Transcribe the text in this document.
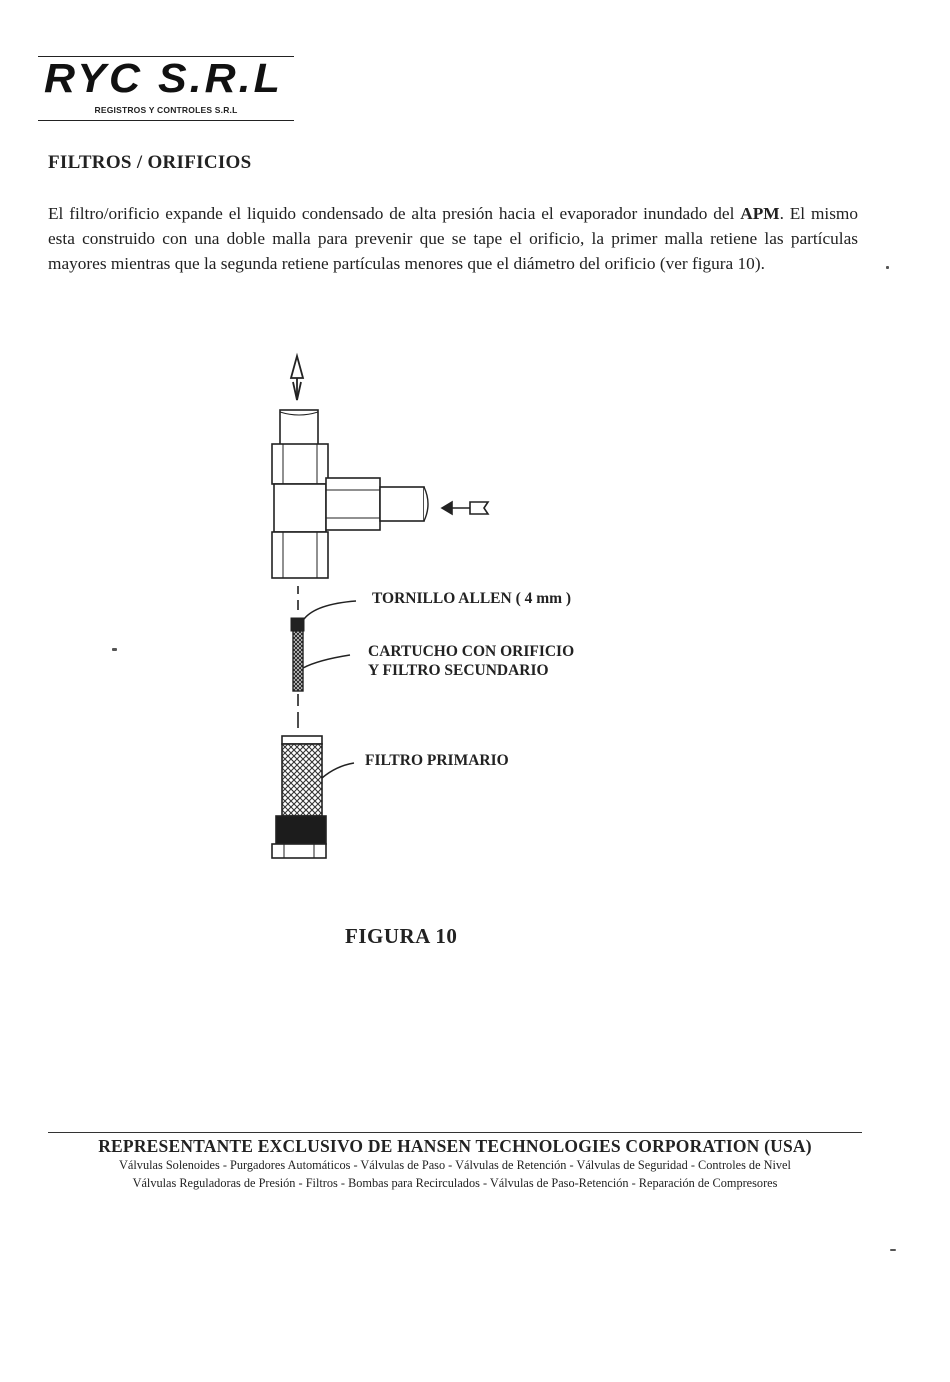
RYC S.R.L
REGISTROS Y CONTROLES S.R.L
FILTROS / ORIFICIOS
El filtro/orificio expande el liquido condensado de alta presión hacia el evaporador inundado del APM. El mismo esta construido con una doble malla para prevenir que se tape el orificio, la primer malla retiene las partículas mayores mientras que la segunda retiene partículas menores que el diámetro del orificio (ver figura 10).
TORNILLO ALLEN ( 4 mm )
CARTUCHO CON ORIFICIO
Y FILTRO SECUNDARIO
FILTRO PRIMARIO
FIGURA 10
REPRESENTANTE EXCLUSIVO DE HANSEN TECHNOLOGIES CORPORATION (USA)
Válvulas Solenoides - Purgadores Automáticos - Válvulas de Paso - Válvulas de Retención - Válvulas de Seguridad - Controles de Nivel
Válvulas Reguladoras de Presión - Filtros - Bombas para Recirculados - Válvulas de Paso-Retención - Reparación de Compresores
